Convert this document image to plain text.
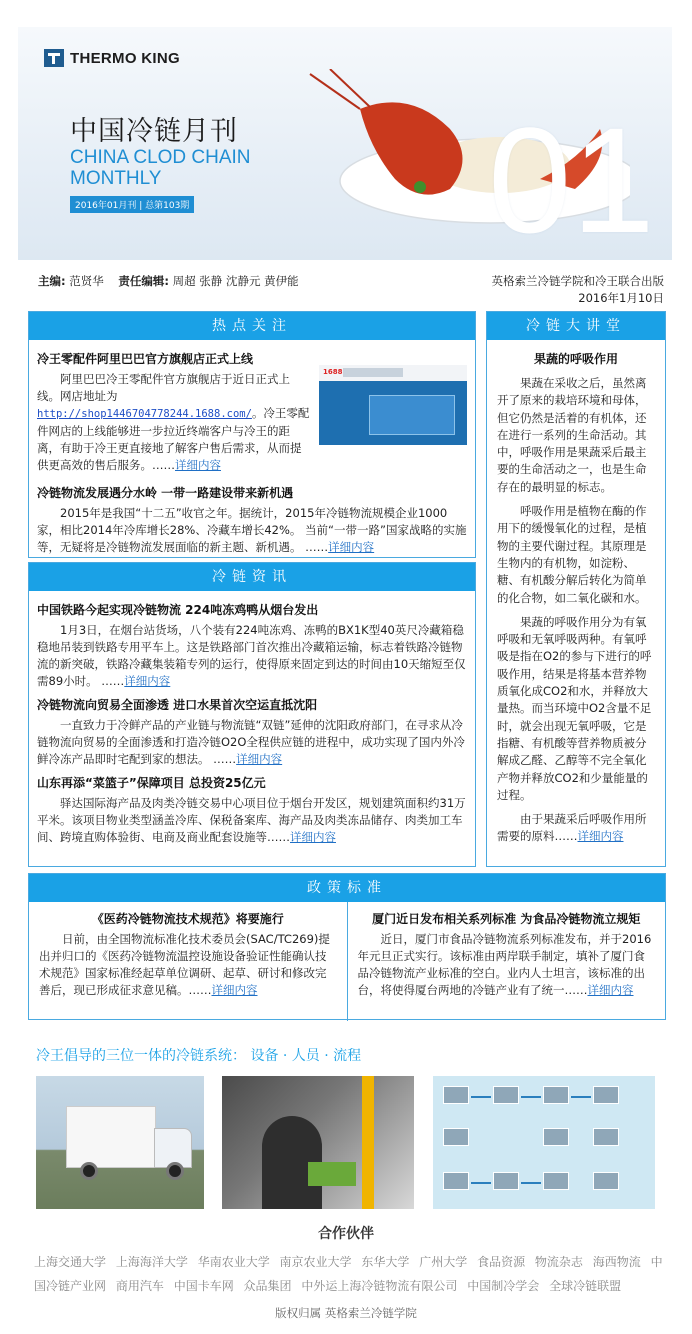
THERMO KING
中国冷链月刊
CHINA CLOD CHAIN
MONTHLY
2016年01月刊 | 总第103期 01
主编: 范贤华 责任编辑: 周超 张静 沈静元 黄伊能	英格索兰冷链学院和冷王联合出版
2016年1月10日
热点关注
冷王零配件阿里巴巴官方旗舰店正式上线
1688
阿里巴巴冷王零配件官方旗舰店于近日正式上线。网店地址为 http://shop1446704778244.1688.com/。冷王零配件网店的上线能够进一步拉近终端客户与冷王的距离，有助于冷王更直接地了解客户售后需求，从而提供更高效的售后服务。……详细内容
冷链物流发展遇分水岭 一带一路建设带来新机遇
2015年是我国“十二五”收官之年。据统计，2015年冷链物流规模企业1000家，相比2014年冷库增长28%、冷藏车增长42%。 当前“一带一路”国家战略的实施等，无疑将是冷链物流发展面临的新主题、新机遇。 ……详细内容
冷链资讯
中国铁路今起实现冷链物流 224吨冻鸡鸭从烟台发出
1月3日，在烟台站货场，八个装有224吨冻鸡、冻鸭的BX1K型40英尺冷藏箱稳稳地吊装到铁路专用平车上。这是铁路部门首次推出冷藏箱运输，标志着铁路冷链物流的新突破，铁路冷藏集装箱专列的运行，使得原来固定到达的时间由10天缩短至仅需89小时。 ……详细内容
冷链物流向贸易全面渗透 进口水果首次空运直抵沈阳
一直致力于冷鲜产品的产业链与物流链“双链”延伸的沈阳政府部门，在寻求从冷链物流向贸易的全面渗透和打造冷链O2O全程供应链的进程中，成功实现了国内外冷鲜冷冻产品即时宅配到家的想法。 ……详细内容
山东再添“菜篮子”保障项目 总投资25亿元
驿达国际海产品及肉类冷链交易中心项目位于烟台开发区，规划建筑面积约31万平米。该项目物业类型涵盖冷库、保税备案库、海产品及肉类冻品储存、肉类加工车间、跨境直购体验街、电商及商业配套设施等……详细内容
冷链大讲堂
果蔬的呼吸作用

果蔬在采收之后，虽然离开了原来的栽培环境和母体，但它仍然是活着的有机体，还在进行一系列的生命活动。其中，呼吸作用是果蔬采后最主要的生命活动之一，也是生命存在的最明显的标志。

呼吸作用是植物在酶的作用下的缓慢氧化的过程，是植物的主要代谢过程。其原理是生物内的有机物，如淀粉、糖、有机酸分解后转化为简单的化合物，如二氧化碳和水。

果蔬的呼吸作用分为有氧呼吸和无氧呼吸两种。有氧呼吸是指在O2的参与下进行的呼吸作用，结果是将基本营养物质氧化成CO2和水，并释放大量热。而当环境中O2含量不足时，就会出现无氧呼吸，它是指糖、有机酸等营养物质被分解成乙醛、乙醇等不完全氧化产物并释放CO2和少量能量的过程。

由于果蔬采后呼吸作用所需要的原料……详细内容

政策标准
《医药冷链物流技术规范》将要施行
日前，由全国物流标准化技术委员会(SAC/TC269)提出并归口的《医药冷链物流温控设施设备验证性能确认技术规范》国家标准经起草单位调研、起草、研讨和修改完善后，现已形成征求意见稿。……详细内容
厦门近日发布相关系列标准 为食品冷链物流立规矩
近日，厦门市食品冷链物流系列标准发布，并于2016年元旦正式实行。该标准由两岸联手制定，填补了厦门食品冷链物流产业标准的空白。业内人士坦言，该标准的出台，将使得厦台两地的冷链产业有了统一……详细内容
冷王倡导的三位一体的冷链系统： 设备 · 人员 · 流程
合作伙伴
上海交通大学 上海海洋大学 华南农业大学 南京农业大学 东华大学 广州大学 食品资源 物流杂志 海西物流 中国冷链产业网 商用汽车 中国卡车网 众品集团 中外运上海冷链物流有限公司 中国制冷学会 全球冷链联盟
版权归属 英格索兰冷链学院
